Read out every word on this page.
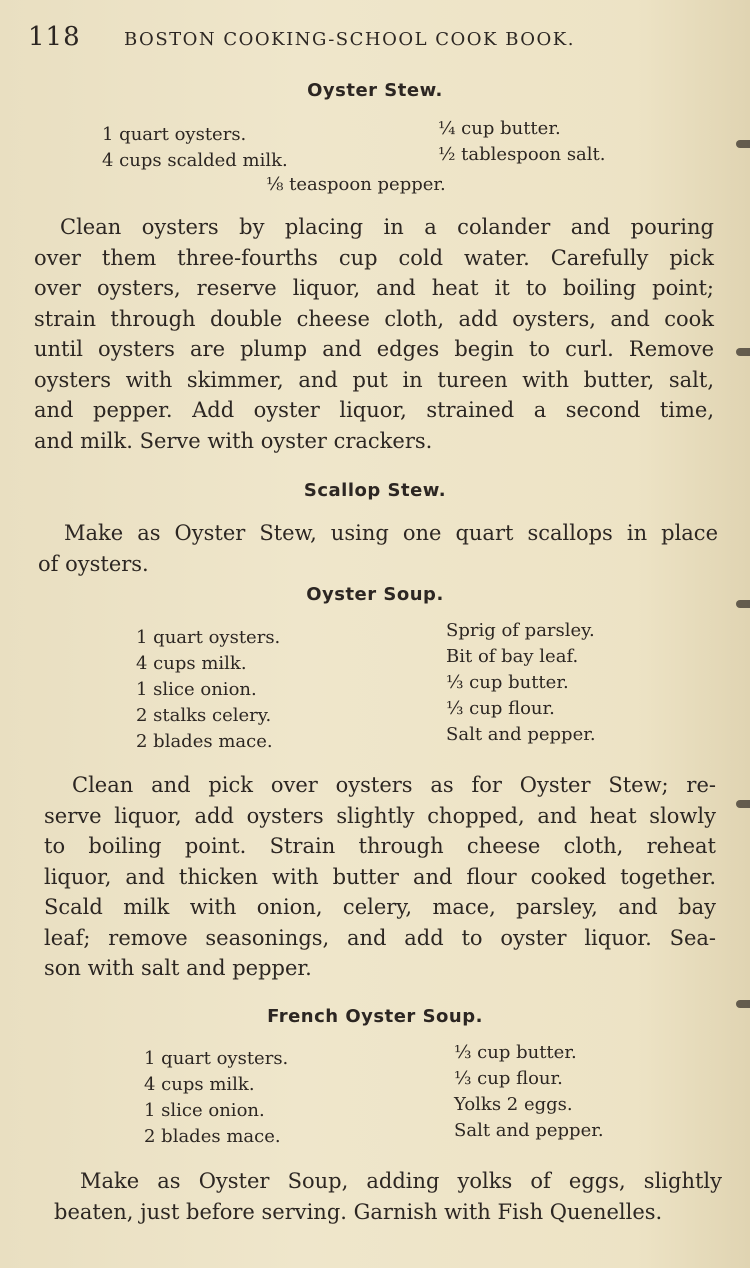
118	BOSTON COOKING-SCHOOL COOK BOOK.
Oyster Stew.
1 quart oysters.
4 cups scalded milk.
¼ cup butter.
½ tablespoon salt.
⅛ teaspoon pepper.
Clean oysters by placing in a colander and pouring
over them three-fourths cup cold water. Carefully pick
over oysters, reserve liquor, and heat it to boiling point;
strain through double cheese cloth, add oysters, and cook
until oysters are plump and edges begin to curl. Remove
oysters with skimmer, and put in tureen with butter, salt,
and pepper. Add oyster liquor, strained a second time,
and milk. Serve with oyster crackers.
Scallop Stew.
Make as Oyster Stew, using one quart scallops in place
of oysters.
Oyster Soup.
1 quart oysters.
4 cups milk.
1 slice onion.
2 stalks celery.
2 blades mace.
Sprig of parsley.
Bit of bay leaf.
⅓ cup butter.
⅓ cup flour.
Salt and pepper.
Clean and pick over oysters as for Oyster Stew; re-
serve liquor, add oysters slightly chopped, and heat slowly
to boiling point. Strain through cheese cloth, reheat
liquor, and thicken with butter and flour cooked together.
Scald milk with onion, celery, mace, parsley, and bay
leaf; remove seasonings, and add to oyster liquor. Sea-
son with salt and pepper.
French Oyster Soup.
1 quart oysters.
4 cups milk.
1 slice onion.
2 blades mace.
⅓ cup butter.
⅓ cup flour.
Yolks 2 eggs.
Salt and pepper.
Make as Oyster Soup, adding yolks of eggs, slightly
beaten, just before serving. Garnish with Fish Quenelles.
